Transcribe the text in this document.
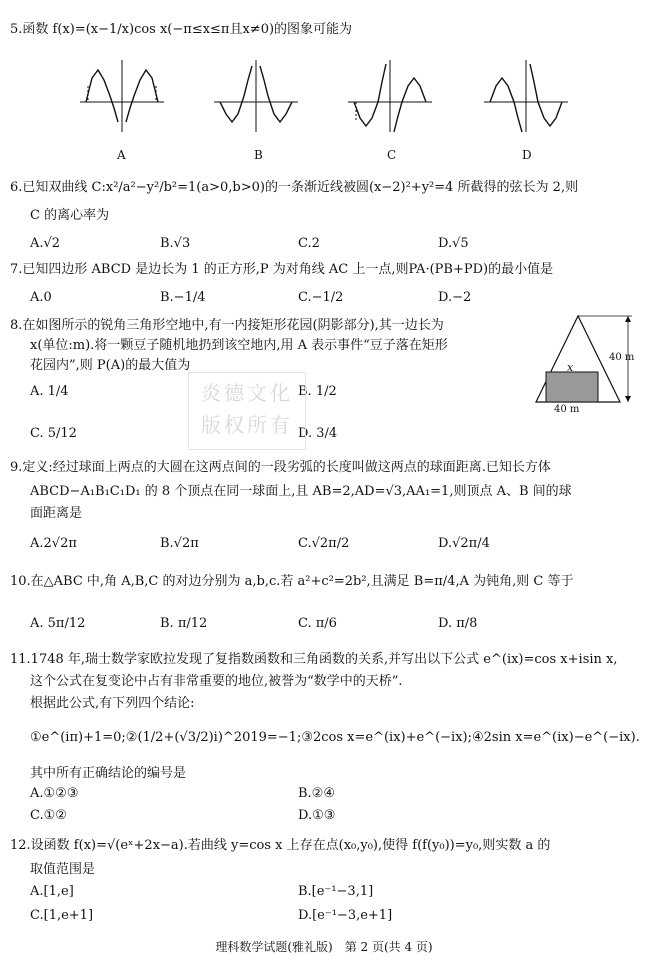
5.函数 f(x)=(x−1/x)cos x(−π≤x≤π且x≠0)的图象可能为
A	B	C	D
6.已知双曲线 C:x²/a²−y²/b²=1(a>0,b>0)的一条渐近线被圆(x−2)²+y²=4 所截得的弦长为 2,则
C 的离心率为
A.√2	B.√3	C.2	D.√5
7.已知四边形 ABCD 是边长为 1 的正方形,P 为对角线 AC 上一点,则PA·(PB+PD)的最小值是
A.0	B.−1/4	C.−1/2	D.−2
8.在如图所示的锐角三角形空地中,有一内接矩形花园(阴影部分),其一边长为
x(单位:m).将一颗豆子随机地扔到该空地内,用 A 表示事件“豆子落在矩形
花园内”,则 P(A)的最大值为
A. 1/4	B. 1/2
C. 5/12	D. 3/4
x
40 m
40 m
炎德文化
版权所有
9.定义:经过球面上两点的大圆在这两点间的一段劣弧的长度叫做这两点的球面距离.已知长方体
ABCD−A₁B₁C₁D₁ 的 8 个顶点在同一球面上,且 AB=2,AD=√3,AA₁=1,则顶点 A、B 间的球
面距离是
A.2√2π	B.√2π	C.√2π/2	D.√2π/4
10.在△ABC 中,角 A,B,C 的对边分别为 a,b,c.若 a²+c²=2b²,且满足 B=π/4,A 为钝角,则 C 等于
A. 5π/12	B. π/12	C. π/6	D. π/8
11.1748 年,瑞士数学家欧拉发现了复指数函数和三角函数的关系,并写出以下公式 e^(ix)=cos x+isin x,
这个公式在复变论中占有非常重要的地位,被誉为“数学中的天桥”.
根据此公式,有下列四个结论:
①e^(iπ)+1=0;②(1/2+(√3/2)i)^2019=−1;③2cos x=e^(ix)+e^(−ix);④2sin x=e^(ix)−e^(−ix).
其中所有正确结论的编号是
A.①②③	B.②④
C.①②	D.①③
12.设函数 f(x)=√(eˣ+2x−a).若曲线 y=cos x 上存在点(x₀,y₀),使得 f(f(y₀))=y₀,则实数 a 的
取值范围是
A.[1,e]	B.[e⁻¹−3,1]
C.[1,e+1]	D.[e⁻¹−3,e+1]
理科数学试题(雅礼版)　第 2 页(共 4 页)
